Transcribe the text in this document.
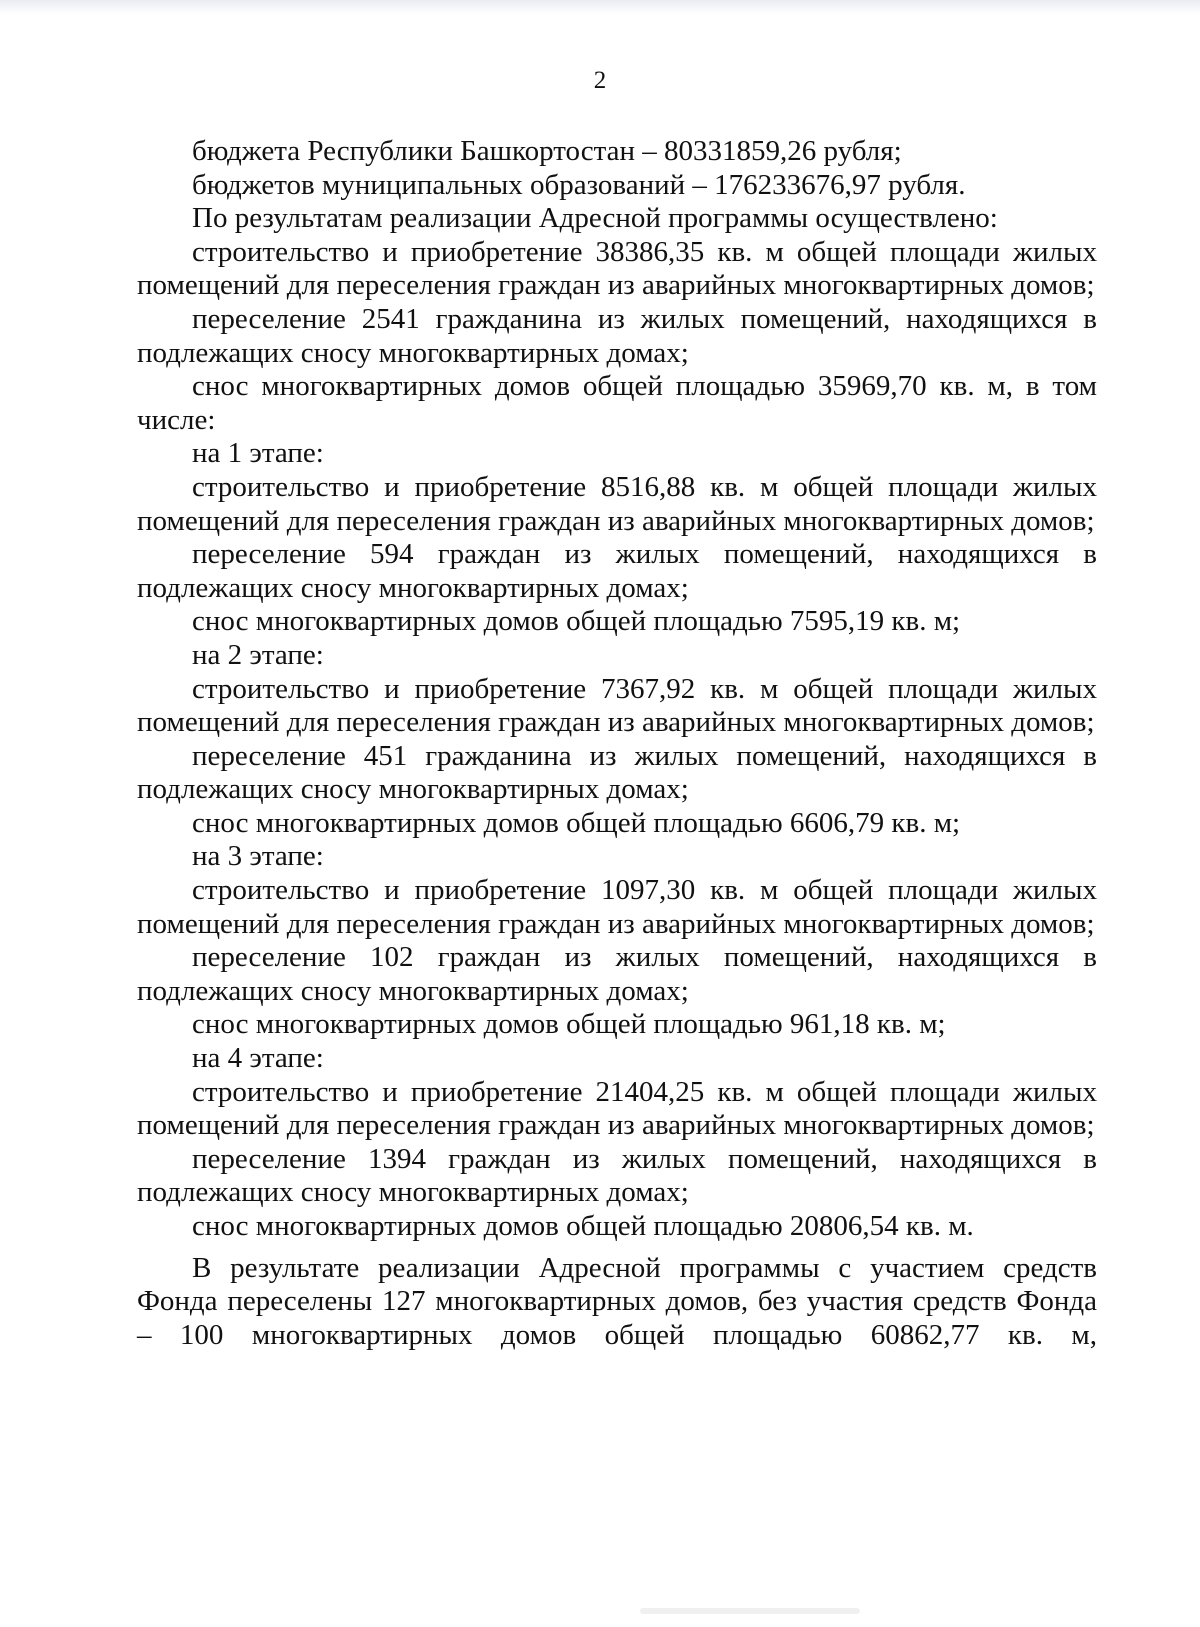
2

бюджета Республики Башкортостан – 80331859,26 рубля;

бюджетов муниципальных образований – 176233676,97 рубля.

По результатам реализации Адресной программы осуществлено:

строительство и приобретение 38386,35 кв. м общей площади жилых помещений для переселения граждан из аварийных многоквартирных домов;

переселение 2541 гражданина из жилых помещений, находящихся в подлежащих сносу многоквартирных домах;

снос многоквартирных домов общей площадью 35969,70 кв. м, в том числе:

на 1 этапе:

строительство и приобретение 8516,88 кв. м общей площади жилых помещений для переселения граждан из аварийных многоквартирных домов;

переселение 594 граждан из жилых помещений, находящихся в подлежащих сносу многоквартирных домах;

снос многоквартирных домов общей площадью 7595,19 кв. м;

на 2 этапе:

строительство и приобретение 7367,92 кв. м общей площади жилых помещений для переселения граждан из аварийных многоквартирных домов;

переселение 451 гражданина из жилых помещений, находящихся в подлежащих сносу многоквартирных домах;

снос многоквартирных домов общей площадью 6606,79 кв. м;

на 3 этапе:

строительство и приобретение 1097,30 кв. м общей площади жилых помещений для переселения граждан из аварийных многоквартирных домов;

переселение 102 граждан из жилых помещений, находящихся в подлежащих сносу многоквартирных домах;

снос многоквартирных домов общей площадью 961,18 кв. м;

на 4 этапе:

строительство и приобретение 21404,25 кв. м общей площади жилых помещений для переселения граждан из аварийных многоквартирных домов;

переселение 1394 граждан из жилых помещений, находящихся в подлежащих сносу многоквартирных домах;

снос многоквартирных домов общей площадью 20806,54 кв. м.

В результате реализации Адресной программы с участием средств Фонда переселены 127 многоквартирных домов, без участия средств Фонда – 100 многоквартирных домов общей площадью 60862,77 кв. м,
